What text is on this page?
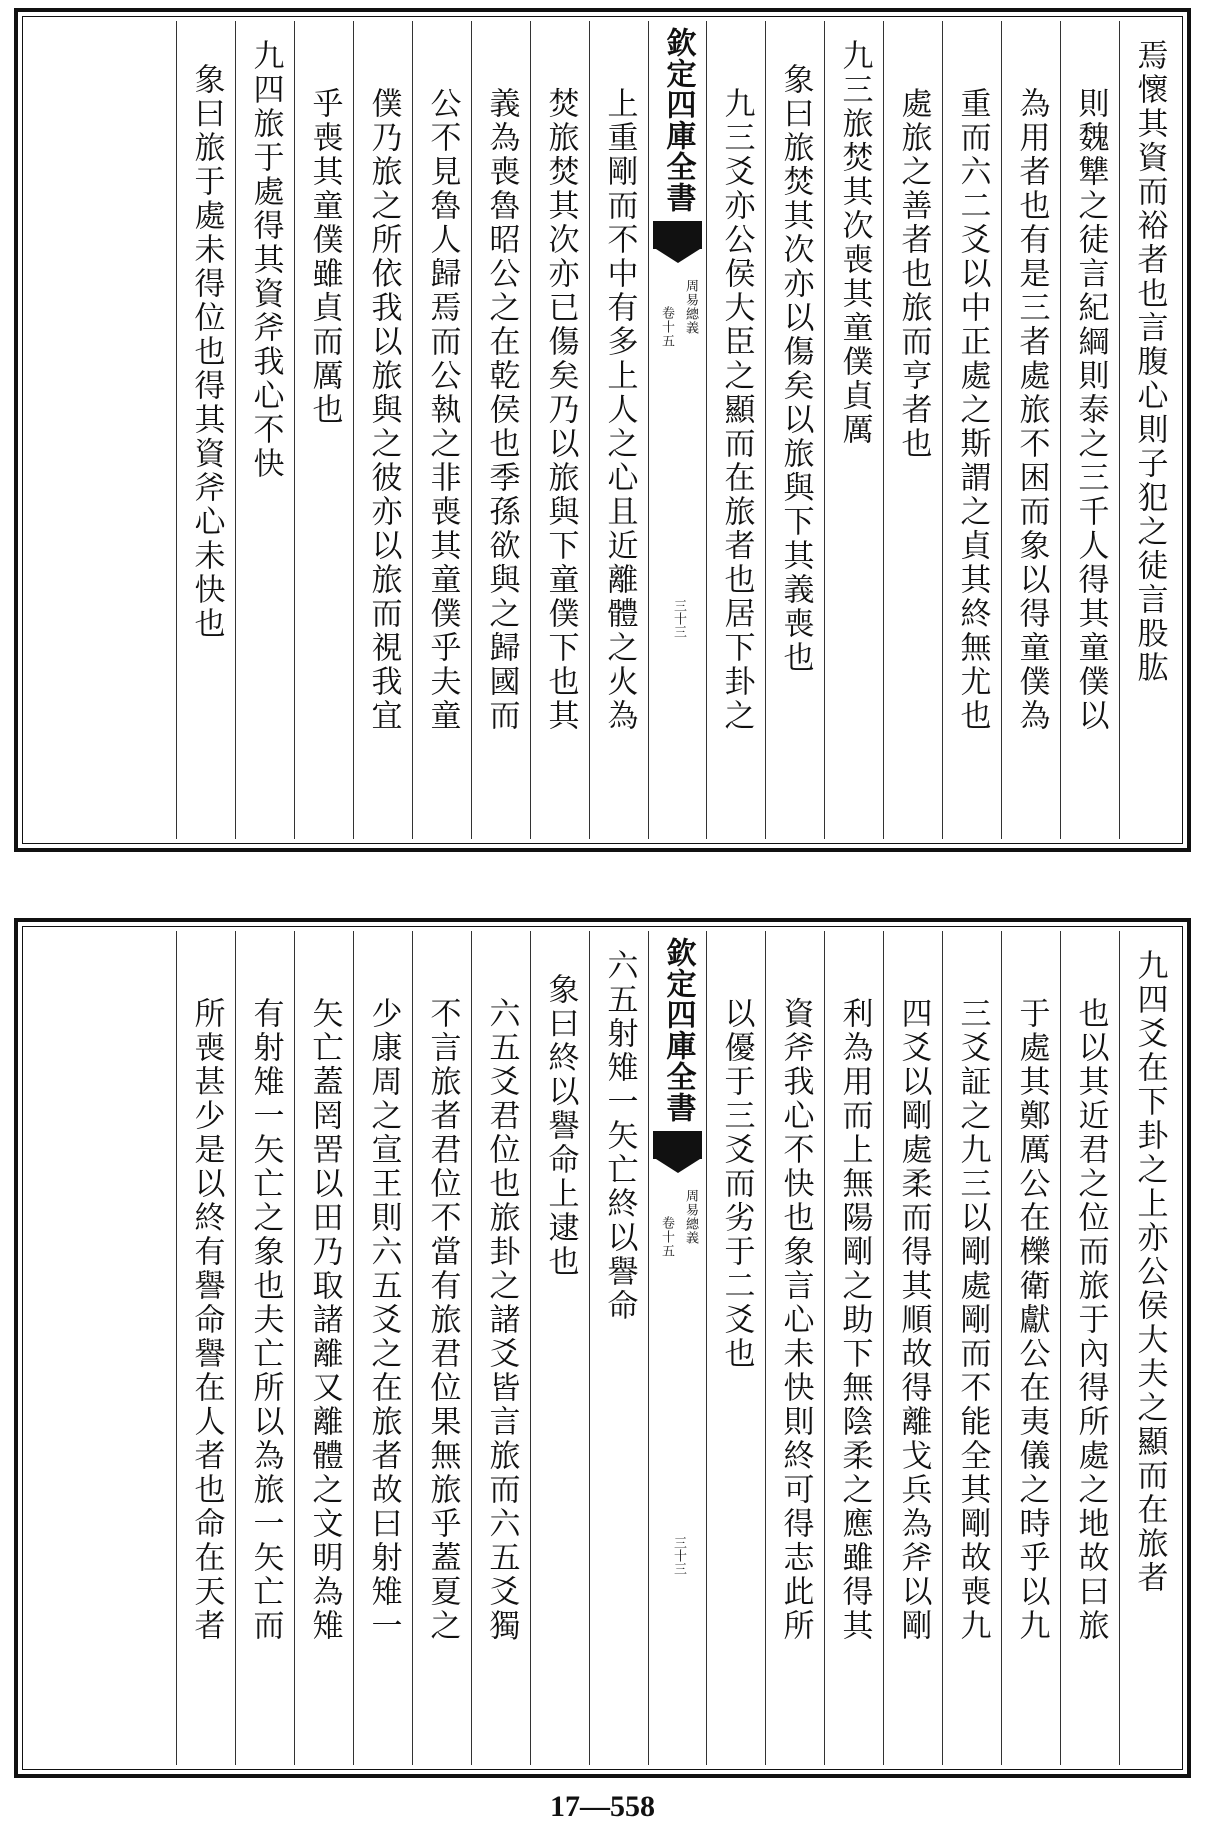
焉懷其資而裕者也言腹心則子犯之徒言股肱
則魏犨之徒言紀綱則泰之三千人得其童僕以
為用者也有是三者處旅不困而象以得童僕為
重而六二爻以中正處之斯謂之貞其終無尤也
處旅之善者也旅而亨者也
九三旅焚其次喪其童僕貞厲
象曰旅焚其次亦以傷矣以旅與下其義喪也
九三爻亦公侯大臣之顯而在旅者也居下卦之
欽定四庫全書
周易總義
卷十五
三十三
上重剛而不中有多上人之心且近離體之火為
焚旅焚其次亦已傷矣乃以旅與下童僕下也其
義為喪魯昭公之在乾侯也季孫欲與之歸國而
公不見魯人歸焉而公執之非喪其童僕乎夫童
僕乃旅之所依我以旅與之彼亦以旅而視我宜
乎喪其童僕雖貞而厲也
九四旅于處得其資斧我心不快
象曰旅于處未得位也得其資斧心未快也
九四爻在下卦之上亦公侯大夫之顯而在旅者
也以其近君之位而旅于內得所處之地故曰旅
于處其鄭厲公在櫟衛獻公在夷儀之時乎以九
三爻証之九三以剛處剛而不能全其剛故喪九
四爻以剛處柔而得其順故得離戈兵為斧以剛
利為用而上無陽剛之助下無陰柔之應雖得其
資斧我心不快也象言心未快則終可得志此所
以優于三爻而劣于二爻也
欽定四庫全書
周易總義
卷十五
三十三
六五射雉一矢亡終以譽命
象曰終以譽命上逮也
六五爻君位也旅卦之諸爻皆言旅而六五爻獨
不言旅者君位不當有旅君位果無旅乎蓋夏之
少康周之宣王則六五爻之在旅者故曰射雉一
矢亡蓋罔罟以田乃取諸離又離體之文明為雉
有射雉一矢亡之象也夫亡所以為旅一矢亡而
所喪甚少是以終有譽命譽在人者也命在天者
17—558
